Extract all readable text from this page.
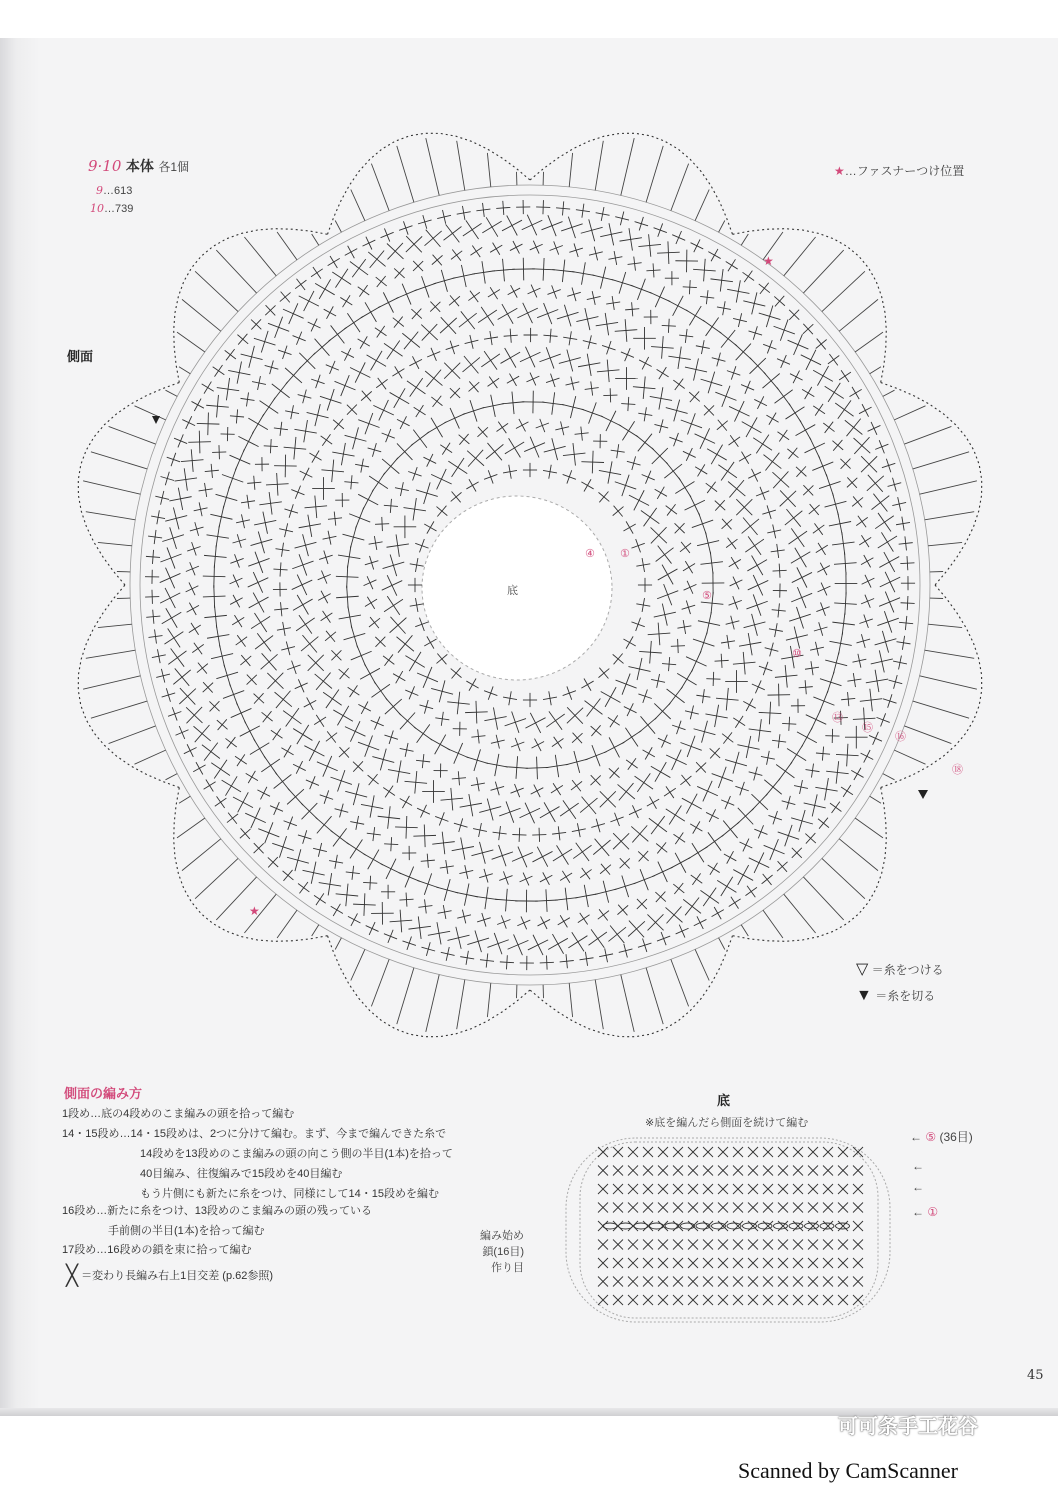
9·10 本体 各1個
9…613
10…739
★…ファスナーつけ位置
側面
底
④ ①
⑤
⑩
⑬
⑮
⑯
⑱
★
★
▽ ＝糸をつける
▼ ＝糸を切る
側面の編み方
1段め…底の4段めのこま編みの頭を拾って編む
14・15段め…14・15段めは、2つに分けて編む。まず、今まで編んできた糸で
14段めを13段めのこま編みの頭の向こう側の半目(1本)を拾って
40目編み、往復編みで15段めを40目編む
もう片側にも新たに糸をつけ、同様にして14・15段めを編む
16段め…新たに糸をつけ、13段めのこま編みの頭の残っている
手前側の半目(1本)を拾って編む
17段め…16段めの鎖を束に拾って編む
╳ ＝変わり長編み右上1目交差 (p.62参照)
底
※底を編んだら側面を続けて編む
← ⑤ (36目)
←
←
← ①
編み始め
鎖(16目)
作り目
45
可可条手工花谷
Scanned by CamScanner
